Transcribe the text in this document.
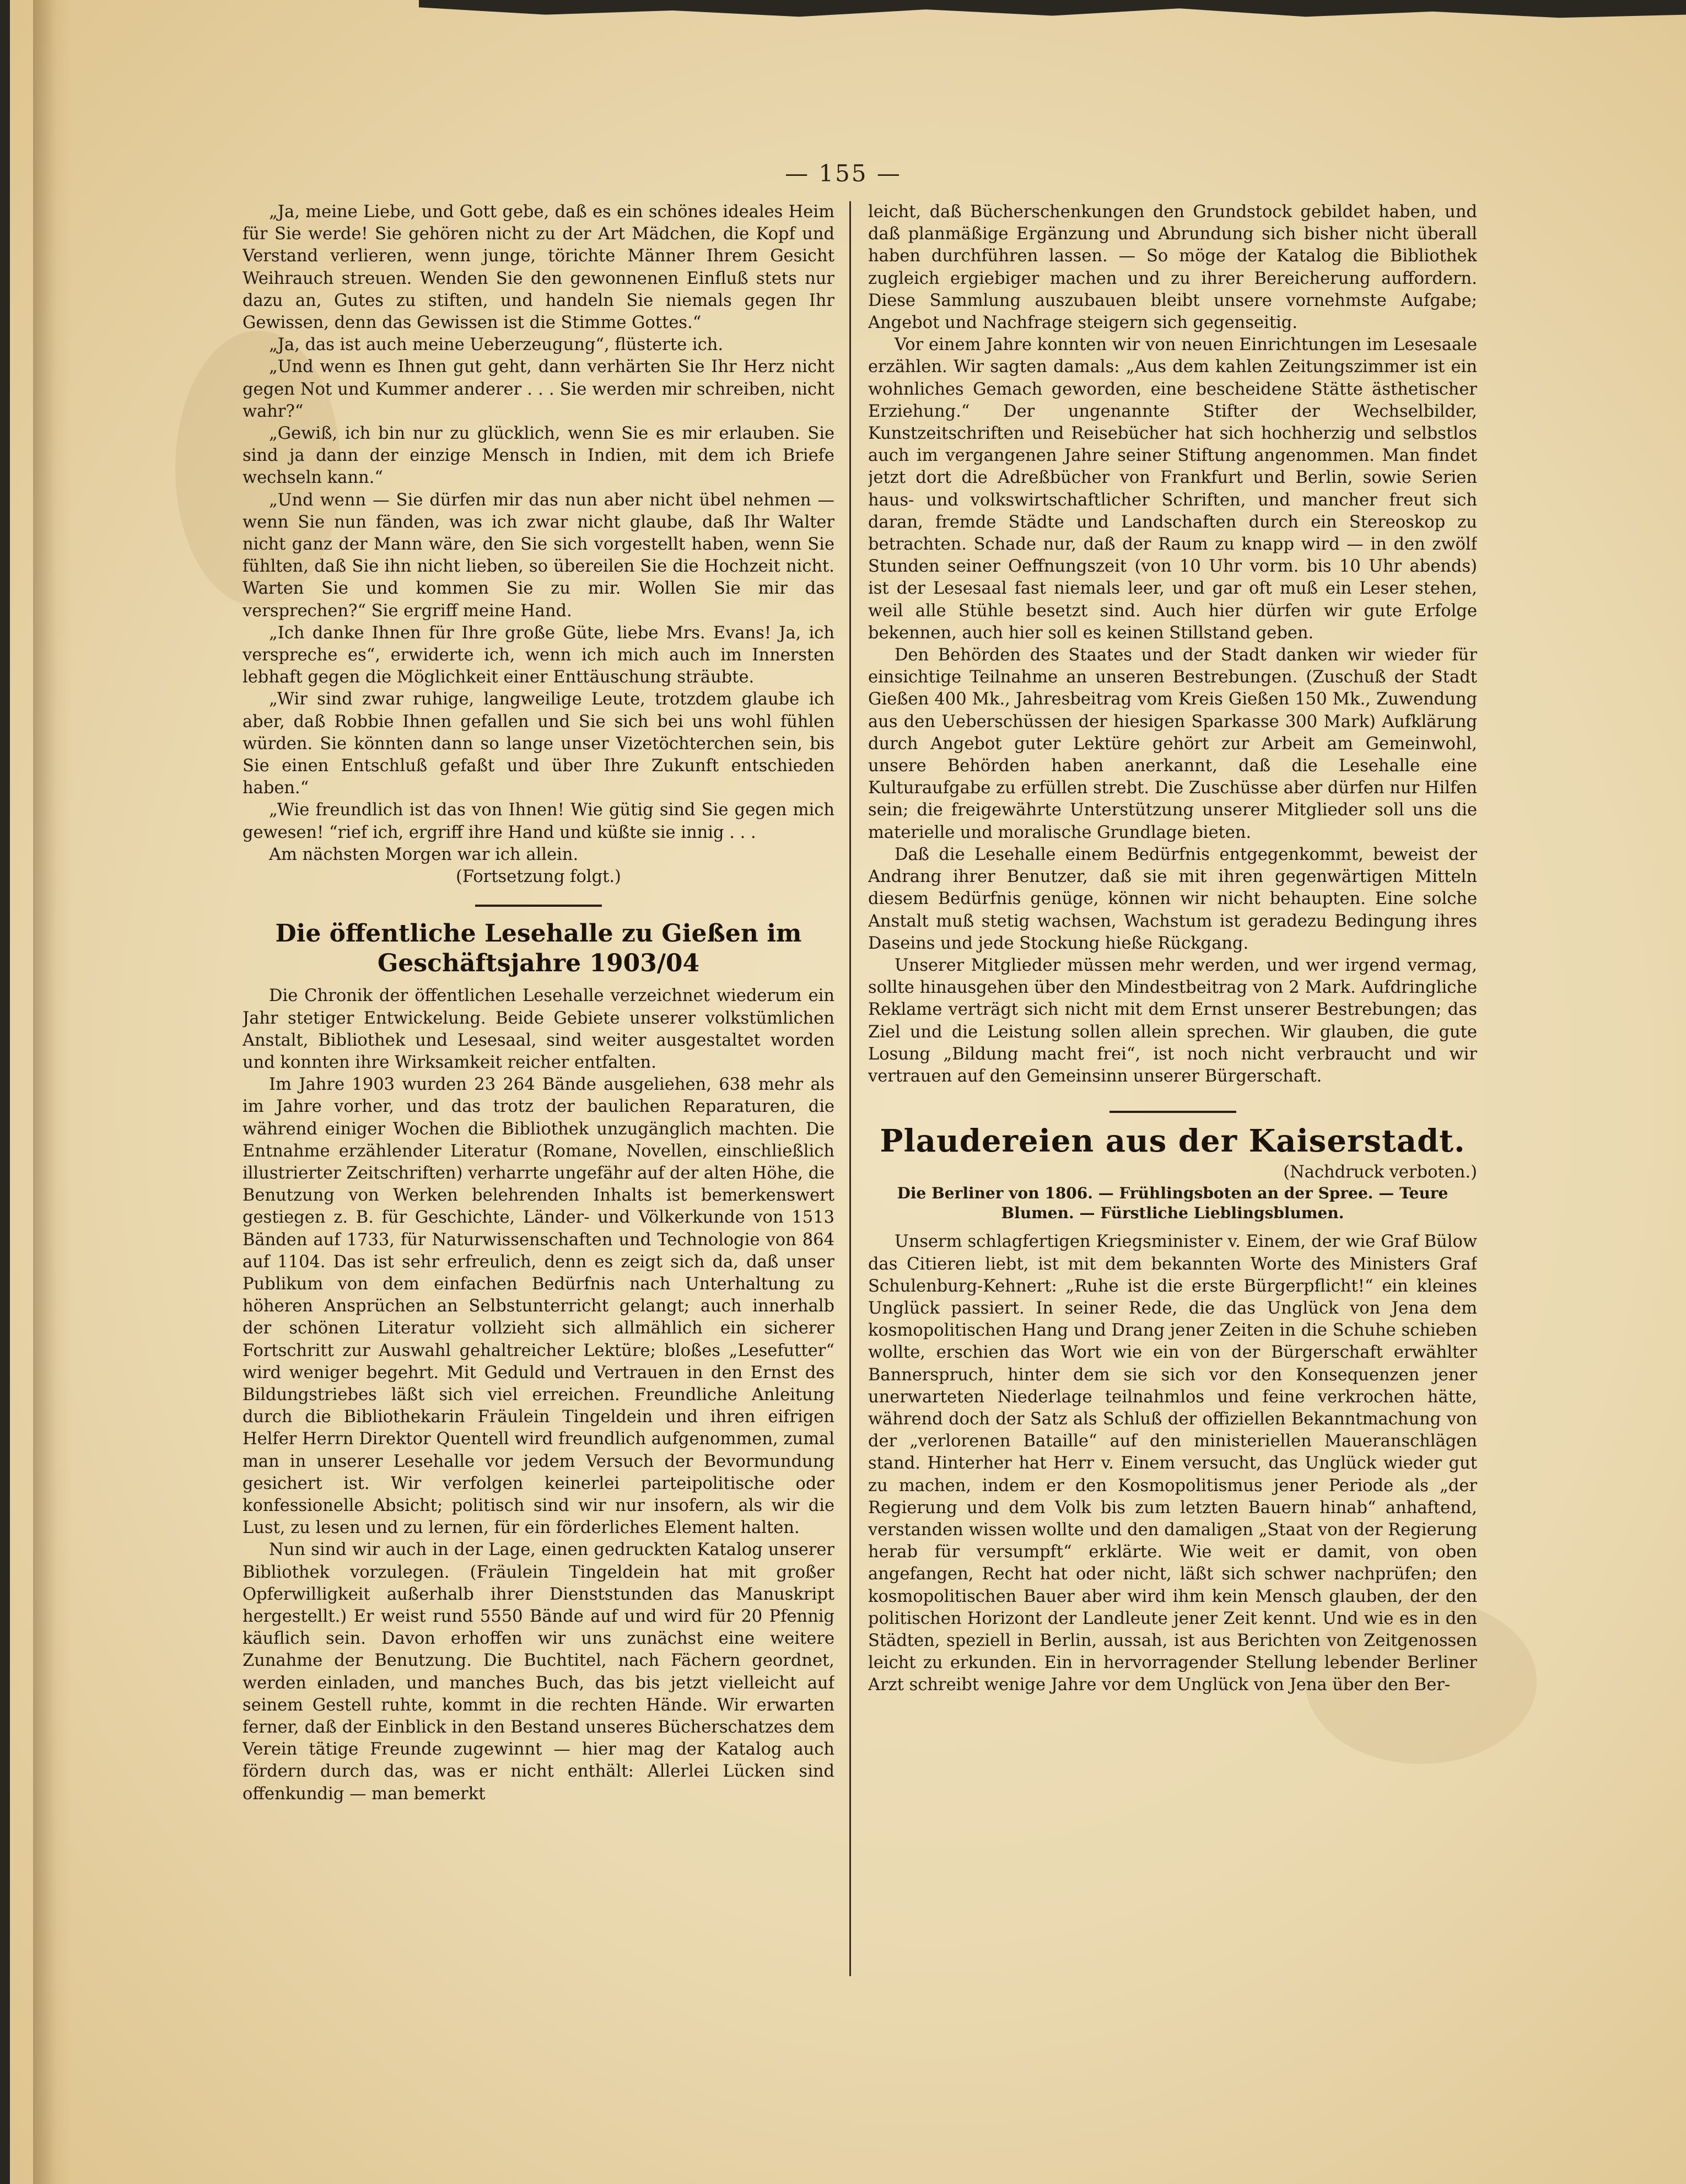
— 155 —

„Ja, meine Liebe, und Gott gebe, daß es ein schönes ideales Heim für Sie werde! Sie gehören nicht zu der Art Mädchen, die Kopf und Verstand verlieren, wenn junge, törichte Männer Ihrem Gesicht Weihrauch streuen. Wenden Sie den gewonnenen Einfluß stets nur dazu an, Gutes zu stiften, und handeln Sie niemals gegen Ihr Gewissen, denn das Gewissen ist die Stimme Gottes.“

„Ja, das ist auch meine Ueberzeugung“, flüsterte ich.

„Und wenn es Ihnen gut geht, dann verhärten Sie Ihr Herz nicht gegen Not und Kummer anderer . . . Sie werden mir schreiben, nicht wahr?“

„Gewiß, ich bin nur zu glücklich, wenn Sie es mir erlauben. Sie sind ja dann der einzige Mensch in Indien, mit dem ich Briefe wechseln kann.“

„Und wenn — Sie dürfen mir das nun aber nicht übel nehmen — wenn Sie nun fänden, was ich zwar nicht glaube, daß Ihr Walter nicht ganz der Mann wäre, den Sie sich vorgestellt haben, wenn Sie fühlten, daß Sie ihn nicht lieben, so übereilen Sie die Hochzeit nicht. Warten Sie und kommen Sie zu mir. Wollen Sie mir das versprechen?“ Sie ergriff meine Hand.

„Ich danke Ihnen für Ihre große Güte, liebe Mrs. Evans! Ja, ich verspreche es“, erwiderte ich, wenn ich mich auch im Innersten lebhaft gegen die Möglichkeit einer Enttäuschung sträubte.

„Wir sind zwar ruhige, langweilige Leute, trotzdem glaube ich aber, daß Robbie Ihnen gefallen und Sie sich bei uns wohl fühlen würden. Sie könnten dann so lange unser Vizetöchterchen sein, bis Sie einen Entschluß gefaßt und über Ihre Zukunft entschieden haben.“

„Wie freundlich ist das von Ihnen! Wie gütig sind Sie gegen mich gewesen! “rief ich, ergriff ihre Hand und küßte sie innig . . .

Am nächsten Morgen war ich allein.

(Fortsetzung folgt.)

Die öffentliche Lesehalle zu Gießen im Geschäftsjahre 1903/04

Die Chronik der öffentlichen Lesehalle verzeichnet wiederum ein Jahr stetiger Entwickelung. Beide Gebiete unserer volkstümlichen Anstalt, Bibliothek und Lesesaal, sind weiter ausgestaltet worden und konnten ihre Wirksamkeit reicher entfalten.

Im Jahre 1903 wurden 23 264 Bände ausgeliehen, 638 mehr als im Jahre vorher, und das trotz der baulichen Reparaturen, die während einiger Wochen die Bibliothek unzugänglich machten. Die Entnahme erzählender Literatur (Romane, Novellen, einschließlich illustrierter Zeitschriften) verharrte ungefähr auf der alten Höhe, die Benutzung von Werken belehrenden Inhalts ist bemerkenswert gestiegen z. B. für Geschichte, Länder- und Völkerkunde von 1513 Bänden auf 1733, für Naturwissenschaften und Technologie von 864 auf 1104. Das ist sehr erfreulich, denn es zeigt sich da, daß unser Publikum von dem einfachen Bedürfnis nach Unterhaltung zu höheren Ansprüchen an Selbstunterricht gelangt; auch innerhalb der schönen Literatur vollzieht sich allmählich ein sicherer Fortschritt zur Auswahl gehaltreicher Lektüre; bloßes „Lesefutter“ wird weniger begehrt. Mit Geduld und Vertrauen in den Ernst des Bildungstriebes läßt sich viel erreichen. Freundliche Anleitung durch die Bibliothekarin Fräulein Tingeldein und ihren eifrigen Helfer Herrn Direktor Quentell wird freundlich aufgenommen, zumal man in unserer Lesehalle vor jedem Versuch der Bevormundung gesichert ist. Wir verfolgen keinerlei parteipolitische oder konfessionelle Absicht; politisch sind wir nur insofern, als wir die Lust, zu lesen und zu lernen, für ein förderliches Element halten.

Nun sind wir auch in der Lage, einen gedruckten Katalog unserer Bibliothek vorzulegen. (Fräulein Tingeldein hat mit großer Opferwilligkeit außerhalb ihrer Dienststunden das Manuskript hergestellt.) Er weist rund 5550 Bände auf und wird für 20 Pfennig käuflich sein. Davon erhoffen wir uns zunächst eine weitere Zunahme der Benutzung. Die Buchtitel, nach Fächern geordnet, werden einladen, und manches Buch, das bis jetzt vielleicht auf seinem Gestell ruhte, kommt in die rechten Hände. Wir erwarten ferner, daß der Einblick in den Bestand unseres Bücherschatzes dem Verein tätige Freunde zugewinnt — hier mag der Katalog auch fördern durch das, was er nicht enthält: Allerlei Lücken sind offenkundig — man bemerkt

leicht, daß Bücherschenkungen den Grundstock gebildet haben, und daß planmäßige Ergänzung und Abrundung sich bisher nicht überall haben durchführen lassen. — So möge der Katalog die Bibliothek zugleich ergiebiger machen und zu ihrer Bereicherung auffordern. Diese Sammlung auszubauen bleibt unsere vornehmste Aufgabe; Angebot und Nachfrage steigern sich gegenseitig.

Vor einem Jahre konnten wir von neuen Einrichtungen im Lesesaale erzählen. Wir sagten damals: „Aus dem kahlen Zeitungszimmer ist ein wohnliches Gemach geworden, eine bescheidene Stätte ästhetischer Erziehung.“ Der ungenannte Stifter der Wechselbilder, Kunstzeitschriften und Reisebücher hat sich hochherzig und selbstlos auch im vergangenen Jahre seiner Stiftung angenommen. Man findet jetzt dort die Adreßbücher von Frankfurt und Berlin, sowie Serien haus- und volkswirtschaftlicher Schriften, und mancher freut sich daran, fremde Städte und Landschaften durch ein Stereoskop zu betrachten. Schade nur, daß der Raum zu knapp wird — in den zwölf Stunden seiner Oeffnungszeit (von 10 Uhr vorm. bis 10 Uhr abends) ist der Lesesaal fast niemals leer, und gar oft muß ein Leser stehen, weil alle Stühle besetzt sind. Auch hier dürfen wir gute Erfolge bekennen, auch hier soll es keinen Stillstand geben.

Den Behörden des Staates und der Stadt danken wir wieder für einsichtige Teilnahme an unseren Bestrebungen. (Zuschuß der Stadt Gießen 400 Mk., Jahresbeitrag vom Kreis Gießen 150 Mk., Zuwendung aus den Ueberschüssen der hiesigen Sparkasse 300 Mark) Aufklärung durch Angebot guter Lektüre gehört zur Arbeit am Gemeinwohl, unsere Behörden haben anerkannt, daß die Lesehalle eine Kulturaufgabe zu erfüllen strebt. Die Zuschüsse aber dürfen nur Hilfen sein; die freigewährte Unterstützung unserer Mitglieder soll uns die materielle und moralische Grundlage bieten.

Daß die Lesehalle einem Bedürfnis entgegenkommt, beweist der Andrang ihrer Benutzer, daß sie mit ihren gegenwärtigen Mitteln diesem Bedürfnis genüge, können wir nicht behaupten. Eine solche Anstalt muß stetig wachsen, Wachstum ist geradezu Bedingung ihres Daseins und jede Stockung hieße Rückgang.

Unserer Mitglieder müssen mehr werden, und wer irgend vermag, sollte hinausgehen über den Mindestbeitrag von 2 Mark. Aufdringliche Reklame verträgt sich nicht mit dem Ernst unserer Bestrebungen; das Ziel und die Leistung sollen allein sprechen. Wir glauben, die gute Losung „Bildung macht frei“, ist noch nicht verbraucht und wir vertrauen auf den Gemeinsinn unserer Bürgerschaft.

Plaudereien aus der Kaiserstadt.

(Nachdruck verboten.)

Die Berliner von 1806. — Frühlingsboten an der Spree. — Teure Blumen. — Fürstliche Lieblingsblumen.

Unserm schlagfertigen Kriegsminister v. Einem, der wie Graf Bülow das Citieren liebt, ist mit dem bekannten Worte des Ministers Graf Schulenburg-Kehnert: „Ruhe ist die erste Bürgerpflicht!“ ein kleines Unglück passiert. In seiner Rede, die das Unglück von Jena dem kosmopolitischen Hang und Drang jener Zeiten in die Schuhe schieben wollte, erschien das Wort wie ein von der Bürgerschaft erwählter Bannerspruch, hinter dem sie sich vor den Konsequenzen jener unerwarteten Niederlage teilnahmlos und feine verkrochen hätte, während doch der Satz als Schluß der offiziellen Bekanntmachung von der „verlorenen Bataille“ auf den ministeriellen Maueranschlägen stand. Hinterher hat Herr v. Einem versucht, das Unglück wieder gut zu machen, indem er den Kosmopolitismus jener Periode als „der Regierung und dem Volk bis zum letzten Bauern hinab“ anhaftend, verstanden wissen wollte und den damaligen „Staat von der Regierung herab für versumpft“ erklärte. Wie weit er damit, von oben angefangen, Recht hat oder nicht, läßt sich schwer nachprüfen; den kosmopolitischen Bauer aber wird ihm kein Mensch glauben, der den politischen Horizont der Landleute jener Zeit kennt. Und wie es in den Städten, speziell in Berlin, aussah, ist aus Berichten von Zeitgenossen leicht zu erkunden. Ein in hervorragender Stellung lebender Berliner Arzt schreibt wenige Jahre vor dem Unglück von Jena über den Ber-
